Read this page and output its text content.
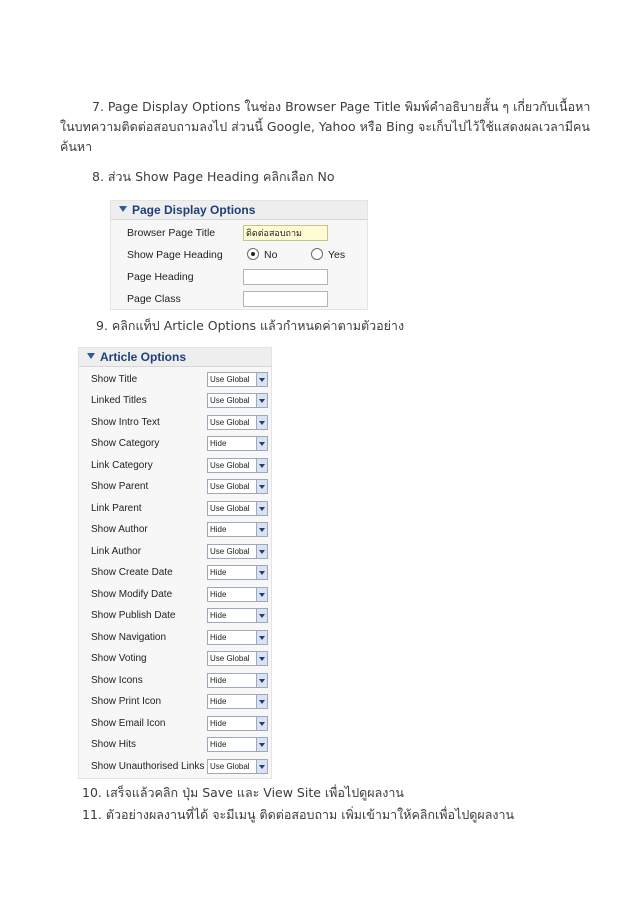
7. Page Display Options ในช่อง Browser Page Title พิมพ์คำอธิบายสั้น ๆ เกี่ยวกับเนื้อหาในบทความติดต่อสอบถามลงไป ส่วนนี้ Google, Yahoo หรือ Bing จะเก็บไปไว้ใช้แสดงผลเวลามีคนค้นหา
8. ส่วน Show Page Heading คลิกเลือก No
Page Display Options
Browser Page Title	ติดต่อสอบถาม
Show Page Heading	No	Yes
Page Heading
Page Class
9. คลิกแท็ป Article Options แล้วกำหนดค่าตามตัวอย่าง
Article Options
Show Title	Use Global
Linked Titles	Use Global
Show Intro Text	Use Global
Show Category	Hide
Link Category	Use Global
Show Parent	Use Global
Link Parent	Use Global
Show Author	Hide
Link Author	Use Global
Show Create Date	Hide
Show Modify Date	Hide
Show Publish Date	Hide
Show Navigation	Hide
Show Voting	Use Global
Show Icons	Hide
Show Print Icon	Hide
Show Email Icon	Hide
Show Hits	Hide
Show Unauthorised Links Use Global
10. เสร็จแล้วคลิก ปุ่ม Save และ View Site เพื่อไปดูผลงาน
11. ตัวอย่างผลงานที่ได้ จะมีเมนู ติดต่อสอบถาม เพิ่มเข้ามาให้คลิกเพื่อไปดูผลงาน
